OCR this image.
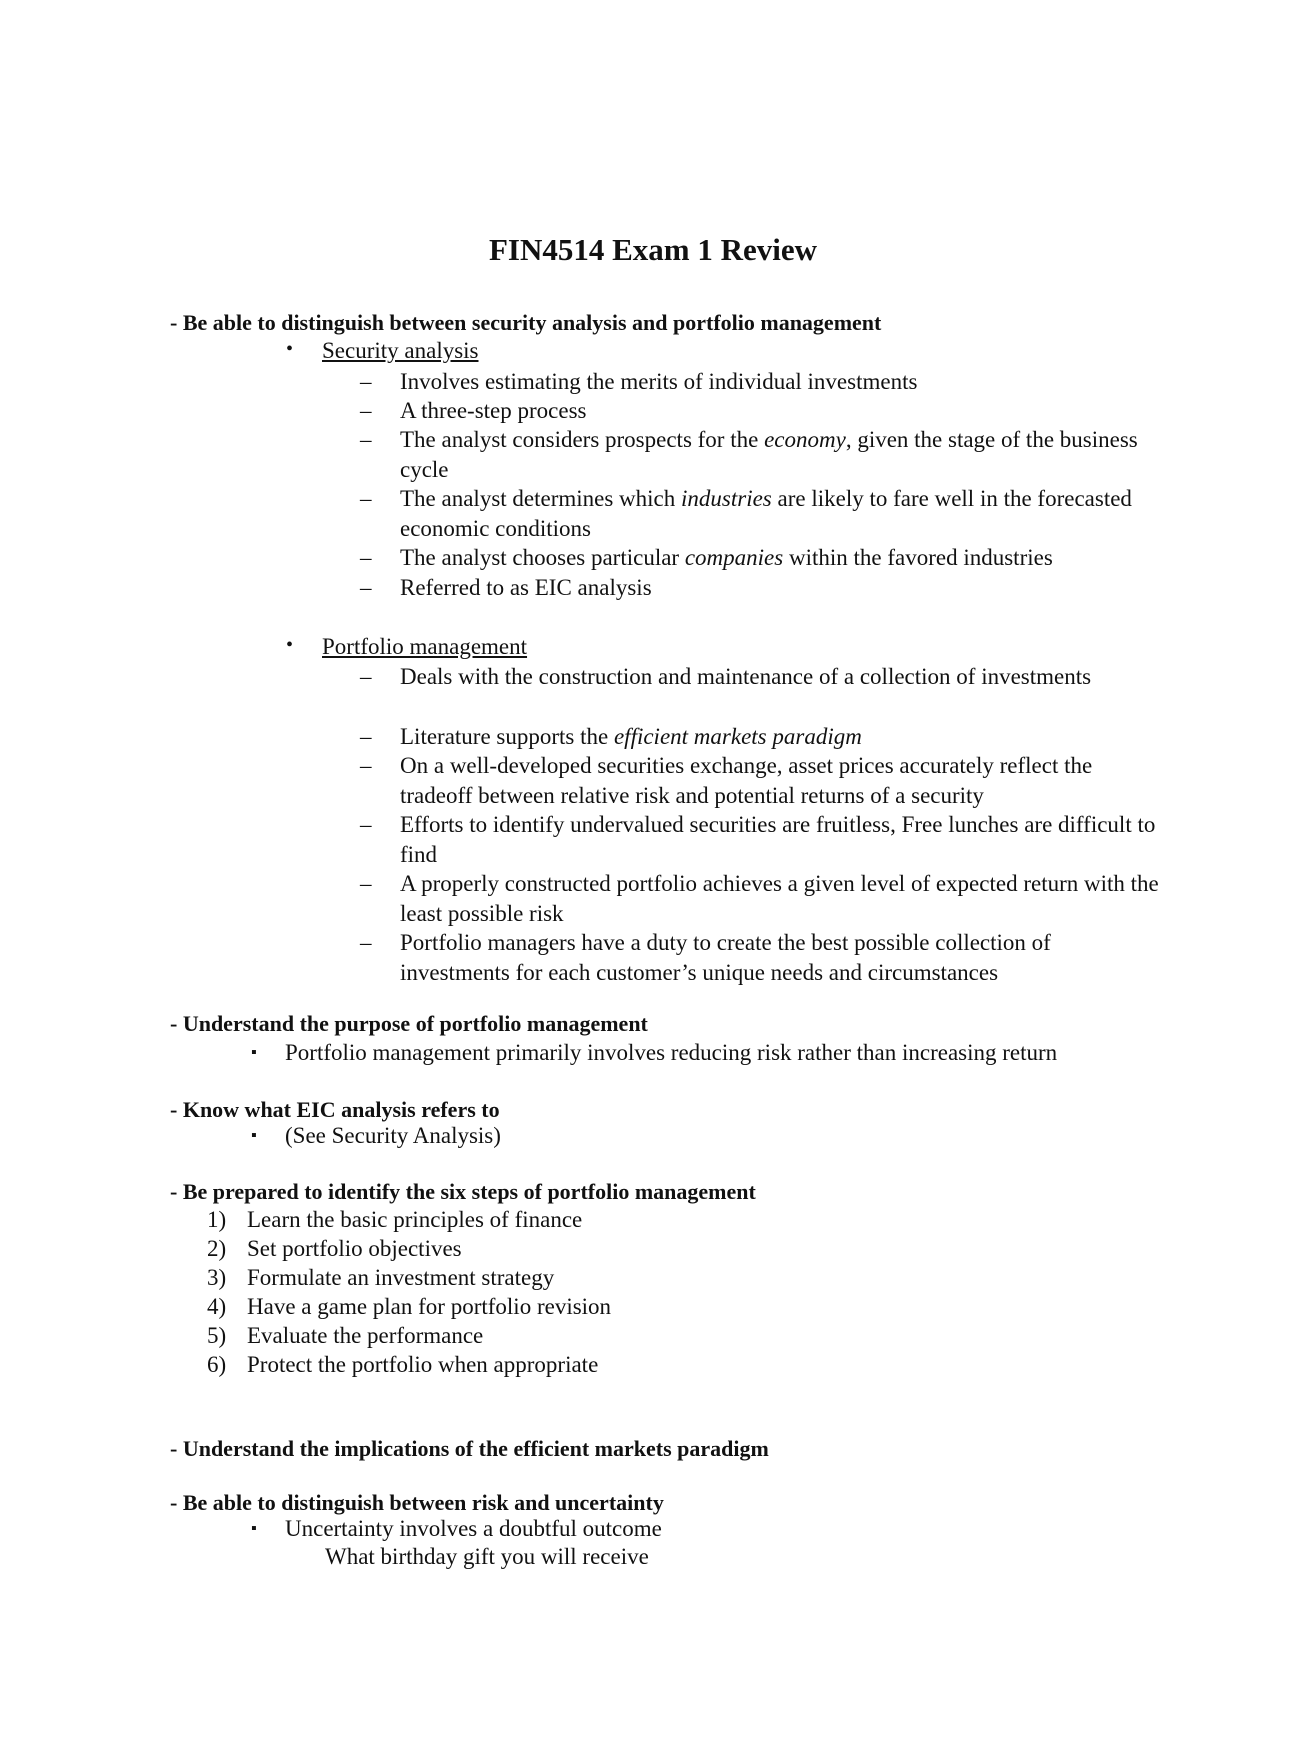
FIN4514 Exam 1 Review
- Be able to distinguish between security analysis and portfolio management
• Security analysis
– Involves estimating the merits of individual investments
– A three-step process
– The analyst considers prospects for the economy, given the stage of the business cycle
– The analyst determines which industries are likely to fare well in the forecasted economic conditions
– The analyst chooses particular companies within the favored industries
– Referred to as EIC analysis
• Portfolio management
– Deals with the construction and maintenance of a collection of investments
– Literature supports the efficient markets paradigm
– On a well-developed securities exchange, asset prices accurately reflect the tradeoff between relative risk and potential returns of a security
– Efforts to identify undervalued securities are fruitless, Free lunches are difficult to find
– A properly constructed portfolio achieves a given level of expected return with the least possible risk
– Portfolio managers have a duty to create the best possible collection of investments for each customer’s unique needs and circumstances
- Understand the purpose of portfolio management
▪ Portfolio management primarily involves reducing risk rather than increasing return
- Know what EIC analysis refers to
▪ (See Security Analysis)
- Be prepared to identify the six steps of portfolio management
1) Learn the basic principles of finance
2) Set portfolio objectives
3) Formulate an investment strategy
4) Have a game plan for portfolio revision
5) Evaluate the performance
6) Protect the portfolio when appropriate
- Understand the implications of the efficient markets paradigm
- Be able to distinguish between risk and uncertainty
▪ Uncertainty involves a doubtful outcome
What birthday gift you will receive
